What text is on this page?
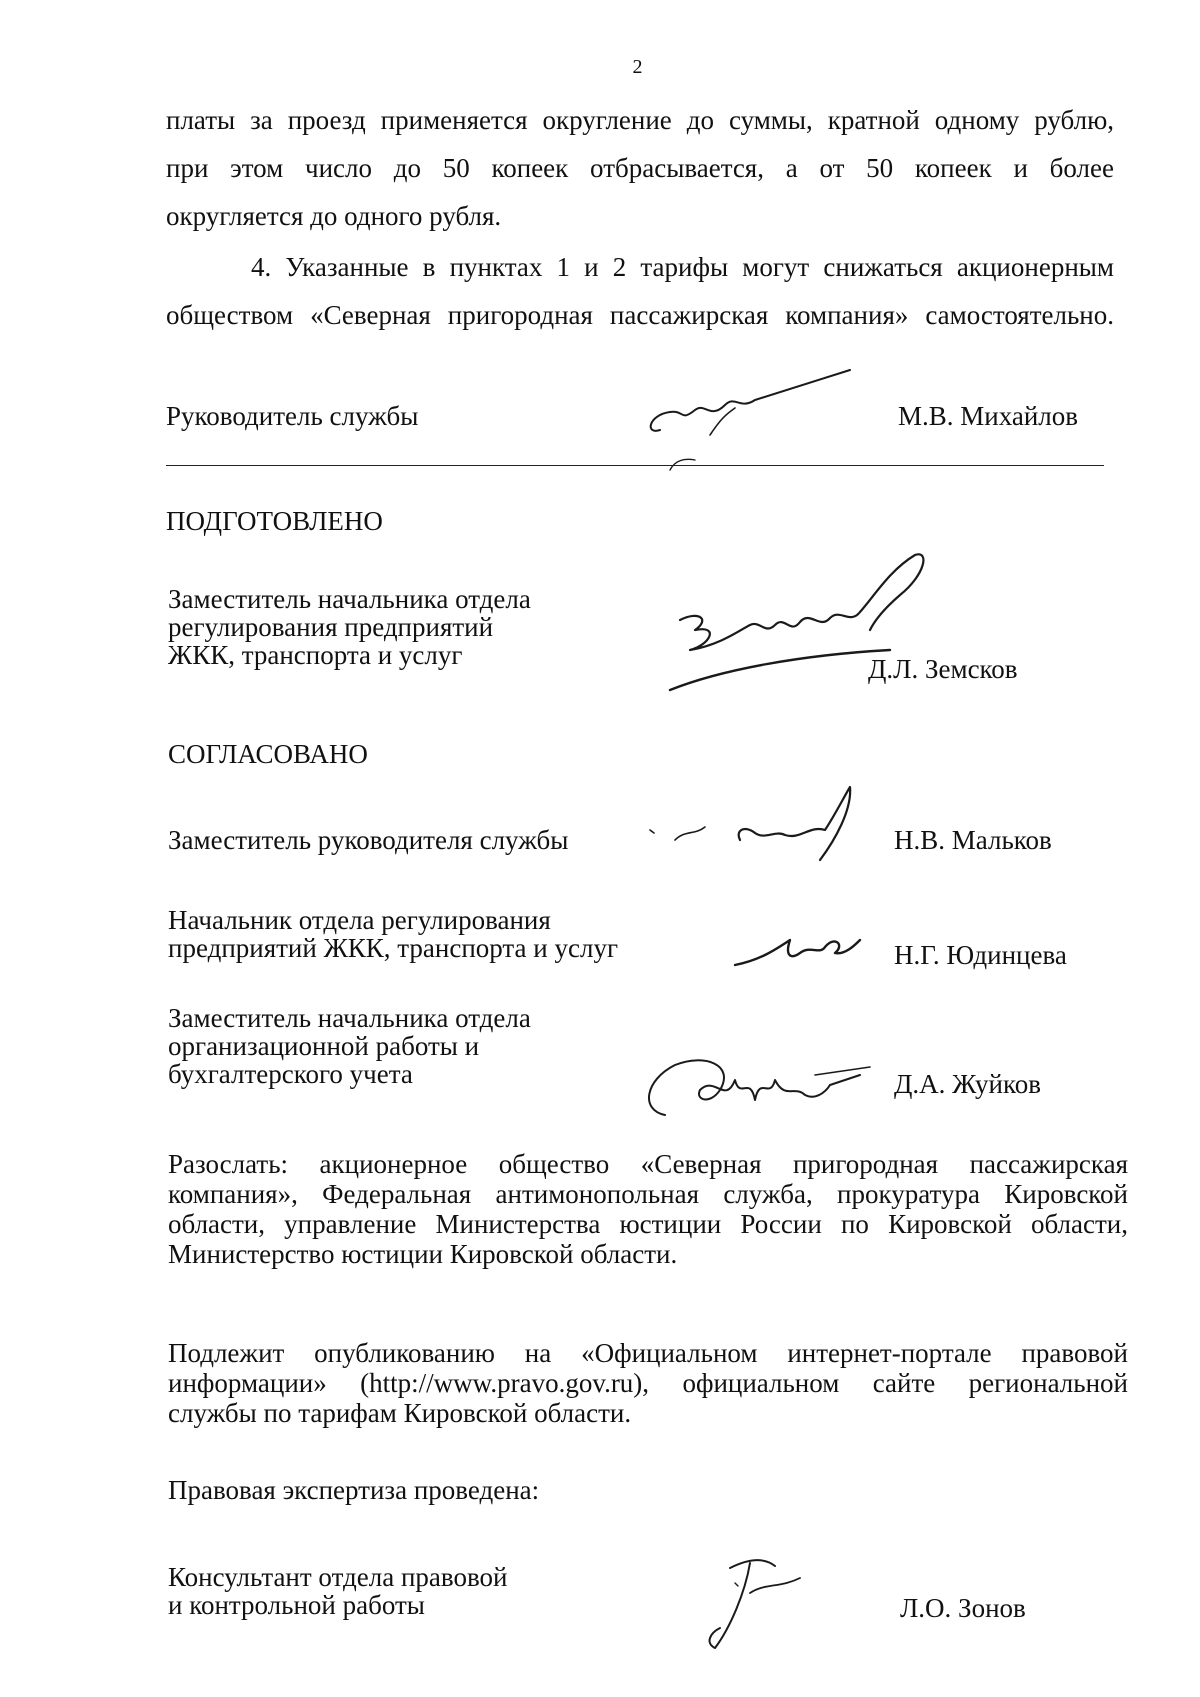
2
платы за проезд применяется округление до суммы, кратной одному рублю,
при этом число до 50 копеек отбрасывается, а от 50 копеек и более
округляется до одного рубля.
4. Указанные в пунктах 1 и 2 тарифы могут снижаться акционерным
обществом «Северная пригородная пассажирская компания» самостоятельно.
Руководитель службы	М.В. Михайлов
ПОДГОТОВЛЕНО
Заместитель начальника отдела
регулирования предприятий
ЖКК, транспорта и услуг	Д.Л. Земсков
СОГЛАСОВАНО
Заместитель руководителя службы	Н.В. Мальков
Начальник отдела регулирования
предприятий ЖКК, транспорта и услуг	Н.Г. Юдинцева
Заместитель начальника отдела
организационной работы и
бухгалтерского учета	Д.А. Жуйков
Разослать: акционерное общество «Северная пригородная пассажирская
компания», Федеральная антимонопольная служба, прокуратура Кировской
области, управление Министерства юстиции России по Кировской области,
Министерство юстиции Кировской области.
Подлежит опубликованию на «Официальном интернет-портале правовой
информации» (http://www.pravo.gov.ru), официальном сайте региональной
службы по тарифам Кировской области.
Правовая экспертиза проведена:
Консультант отдела правовой
и контрольной работы	Л.О. Зонов
